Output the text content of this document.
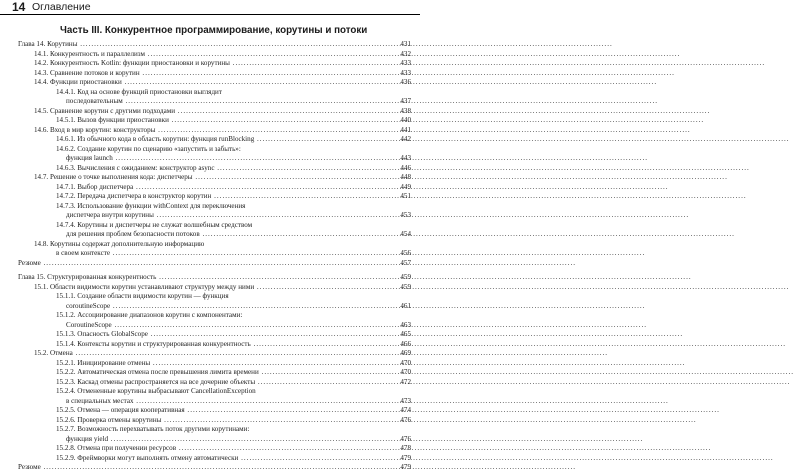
14 Оглавление
Часть III. Конкурентное программирование, корутины и потоки
Глава 14. Корутины .....	431
14.1. Конкурентность и параллелизм .....	432
14.2. Конкурентность Kotlin: функции приостановки и корутины .....	433
14.3. Сравнение потоков и корутин .....	433
14.4. Функции приостановки .....	436
14.4.1. Код на основе функций приостановки выглядит
последовательным .....	437
14.5. Сравнение корутин с другими подходами .....	438
14.5.1. Вызов функции приостановки .....	440
14.6. Вход в мир корутин: конструкторы .....	441
14.6.1. Из обычного кода в область корутин: функция runBlocking .....	442
14.6.2. Создание корутин по сценарию «запустить и забыть»:
функция launch .....	443
14.6.3. Вычисления с ожиданием: конструктор async .....	446
14.7. Решение о точке выполнения кода: диспетчеры .....	448
14.7.1. Выбор диспетчера .....	449
14.7.2. Передача диспетчера в конструктор корутин .....	451
14.7.3. Использование функции withContext для переключения
диспетчера внутри корутины .....	453
14.7.4. Корутины и диспетчеры не служат волшебным средством
для решения проблем безопасности потоков .....	454
14.8. Корутины содержат дополнительную информацию
в своем контексте .....	456
Резюме .....	457
Глава 15. Структурированная конкурентность .....	459
15.1. Области видимости корутин устанавливают структуру между ними .....	459
15.1.1. Создание области видимости корутин — функция
coroutineScope .....	461
15.1.2. Ассоциирование диапазонов корутин с компонентами:
CoroutineScope .....	463
15.1.3. Опасность GlobalScope .....	465
15.1.4. Контексты корутин и структурированная конкурентность .....	466
15.2. Отмена .....	469
15.2.1. Инициирование отмены .....	470
15.2.2. Автоматическая отмена после превышения лимита времени .....	470
15.2.3. Каскад отмены распространяется на все дочерние объекты .....	472
15.2.4. Отмененные корутины выбрасывают CancellationException
в специальных местах .....	473
15.2.5. Отмена — операция кооперативная .....	474
15.2.6. Проверка отмены корутины .....	476
15.2.7. Возможность перехватывать поток другими корутинами:
функция yield .....	476
15.2.8. Отмена при получении ресурсов .....	478
15.2.9. Фреймворки могут выполнять отмену автоматически .....	479
Резюме .....	479
